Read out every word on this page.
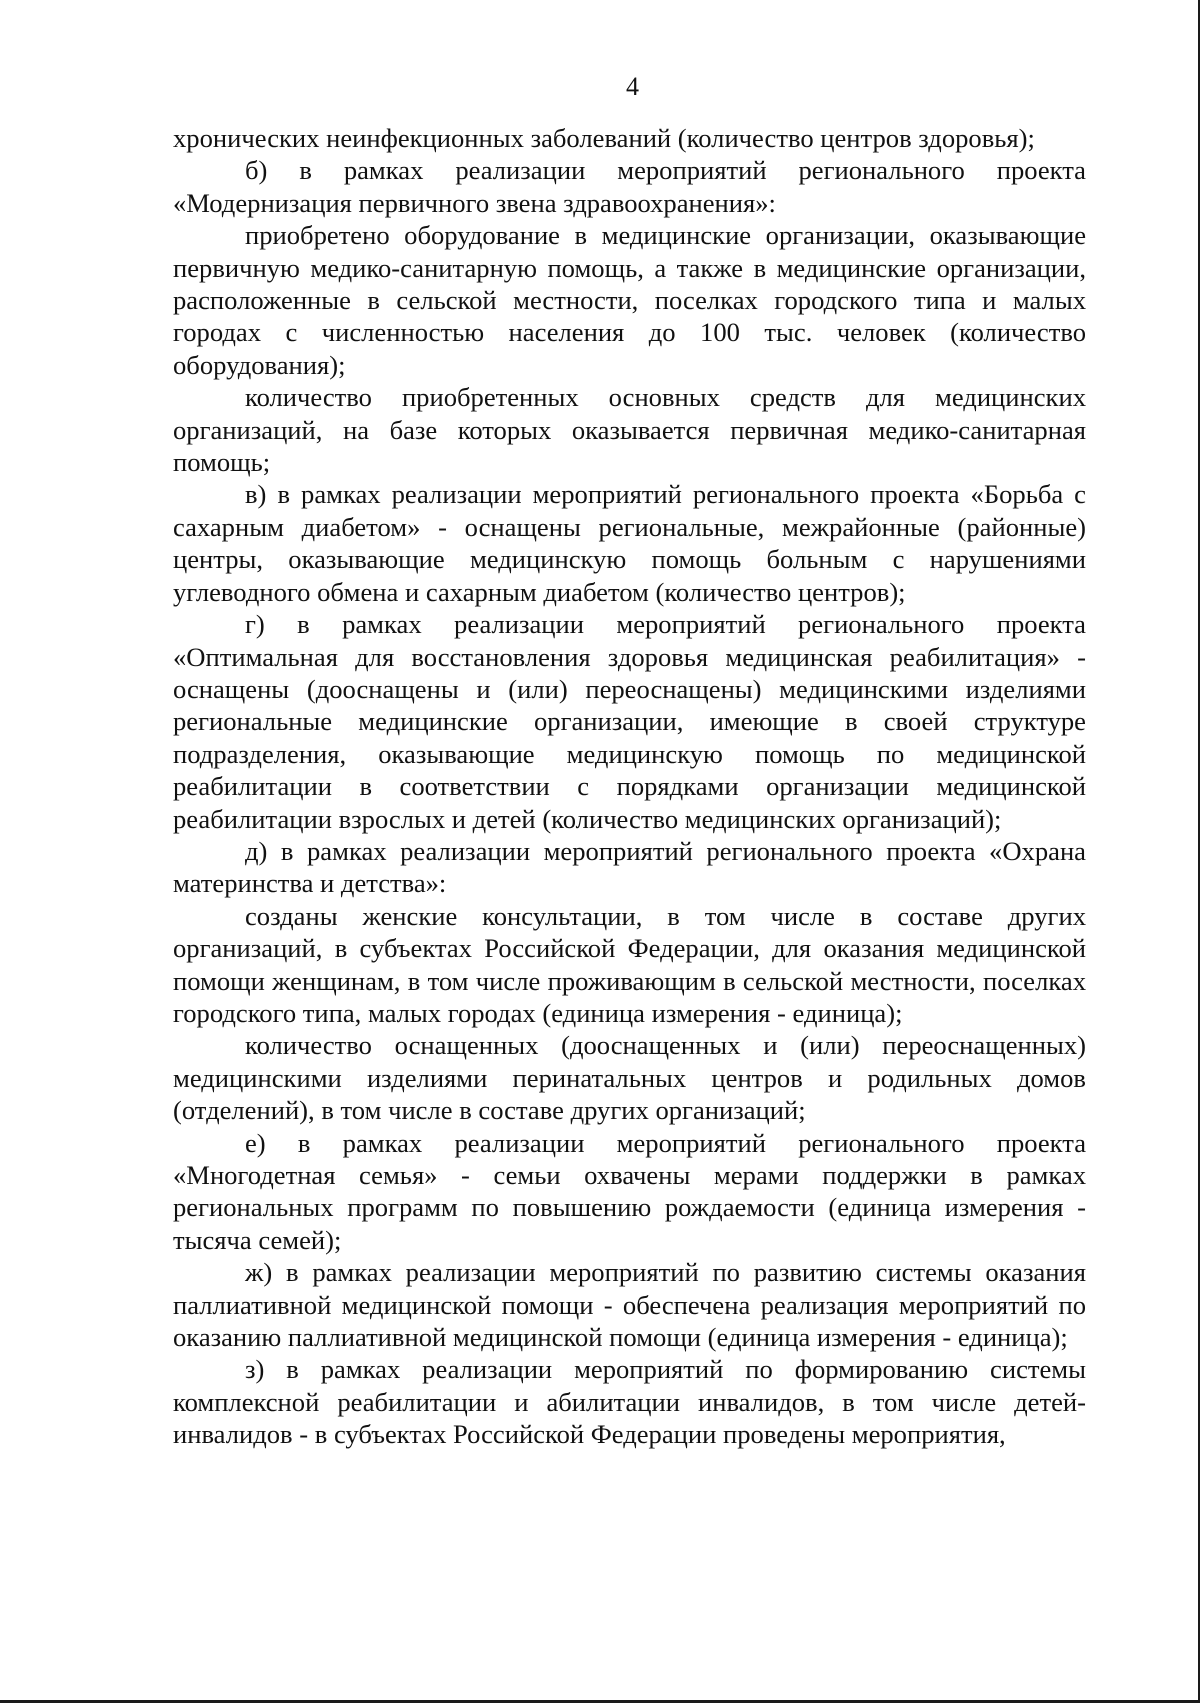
4

хронических неинфекционных заболеваний (количество центров здоровья);

б) в рамках реализации мероприятий регионального проекта «Модернизация первичного звена здравоохранения»:

приобретено оборудование в медицинские организации, оказывающие первичную медико-санитарную помощь, а также в медицинские организации, расположенные в сельской местности, поселках городского типа и малых городах с численностью населения до 100 тыс. человек (количество оборудования);

количество приобретенных основных средств для медицинских организаций, на базе которых оказывается первичная медико-санитарная помощь;

в) в рамках реализации мероприятий регионального проекта «Борьба с сахарным диабетом» - оснащены региональные, межрайонные (районные) центры, оказывающие медицинскую помощь больным с нарушениями углеводного обмена и сахарным диабетом (количество центров);

г) в рамках реализации мероприятий регионального проекта «Оптимальная для восстановления здоровья медицинская реабилитация» - оснащены (дооснащены и (или) переоснащены) медицинскими изделиями региональные медицинские организации, имеющие в своей структуре подразделения, оказывающие медицинскую помощь по медицинской реабилитации в соответствии с порядками организации медицинской реабилитации взрослых и детей (количество медицинских организаций);

д) в рамках реализации мероприятий регионального проекта «Охрана материнства и детства»:

созданы женские консультации, в том числе в составе других организаций, в субъектах Российской Федерации, для оказания медицинской помощи женщинам, в том числе проживающим в сельской местности, поселках городского типа, малых городах (единица измерения - единица);

количество оснащенных (дооснащенных и (или) переоснащенных) медицинскими изделиями перинатальных центров и родильных домов (отделений), в том числе в составе других организаций;

е) в рамках реализации мероприятий регионального проекта «Многодетная семья» - семьи охвачены мерами поддержки в рамках региональных программ по повышению рождаемости (единица измерения - тысяча семей);

ж) в рамках реализации мероприятий по развитию системы оказания паллиативной медицинской помощи - обеспечена реализация мероприятий по оказанию паллиативной медицинской помощи (единица измерения - единица);

з) в рамках реализации мероприятий по формированию системы комплексной реабилитации и абилитации инвалидов, в том числе детей-инвалидов - в субъектах Российской Федерации проведены мероприятия,
